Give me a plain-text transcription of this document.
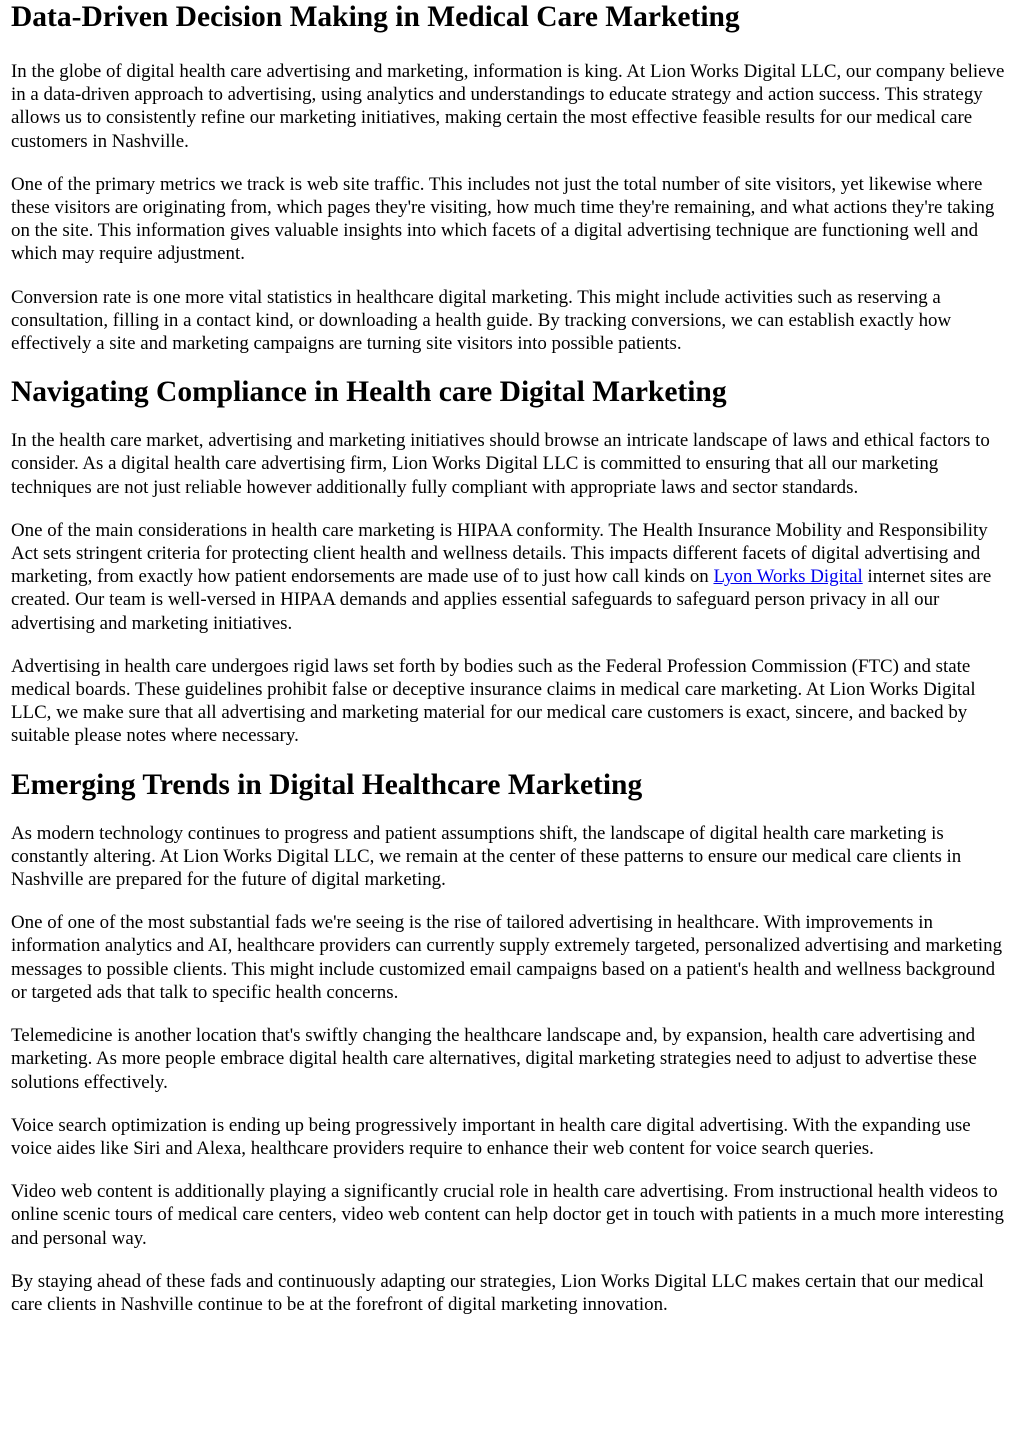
Data-Driven Decision Making in Medical Care Marketing

In the globe of digital health care advertising and marketing, information is king. At Lion Works Digital LLC, our company believe in a data-driven approach to advertising, using analytics and understandings to educate strategy and action success. This strategy allows us to consistently refine our marketing initiatives, making certain the most effective feasible results for our medical care customers in Nashville.

One of the primary metrics we track is web site traffic. This includes not just the total number of site visitors, yet likewise where these visitors are originating from, which pages they're visiting, how much time they're remaining, and what actions they're taking on the site. This information gives valuable insights into which facets of a digital advertising technique are functioning well and which may require adjustment.

Conversion rate is one more vital statistics in healthcare digital marketing. This might include activities such as reserving a consultation, filling in a contact kind, or downloading a health guide. By tracking conversions, we can establish exactly how effectively a site and marketing campaigns are turning site visitors into possible patients.

Navigating Compliance in Health care Digital Marketing

In the health care market, advertising and marketing initiatives should browse an intricate landscape of laws and ethical factors to consider. As a digital health care advertising firm, Lion Works Digital LLC is committed to ensuring that all our marketing techniques are not just reliable however additionally fully compliant with appropriate laws and sector standards.

One of the main considerations in health care marketing is HIPAA conformity. The Health Insurance Mobility and Responsibility Act sets stringent criteria for protecting client health and wellness details. This impacts different facets of digital advertising and marketing, from exactly how patient endorsements are made use of to just how call kinds on Lyon Works Digital internet sites are created. Our team is well-versed in HIPAA demands and applies essential safeguards to safeguard person privacy in all our advertising and marketing initiatives.

Advertising in health care undergoes rigid laws set forth by bodies such as the Federal Profession Commission (FTC) and state medical boards. These guidelines prohibit false or deceptive insurance claims in medical care marketing. At Lion Works Digital LLC, we make sure that all advertising and marketing material for our medical care customers is exact, sincere, and backed by suitable please notes where necessary.

Emerging Trends in Digital Healthcare Marketing

As modern technology continues to progress and patient assumptions shift, the landscape of digital health care marketing is constantly altering. At Lion Works Digital LLC, we remain at the center of these patterns to ensure our medical care clients in Nashville are prepared for the future of digital marketing.

One of one of the most substantial fads we're seeing is the rise of tailored advertising in healthcare. With improvements in information analytics and AI, healthcare providers can currently supply extremely targeted, personalized advertising and marketing messages to possible clients. This might include customized email campaigns based on a patient's health and wellness background or targeted ads that talk to specific health concerns.

Telemedicine is another location that's swiftly changing the healthcare landscape and, by expansion, health care advertising and marketing. As more people embrace digital health care alternatives, digital marketing strategies need to adjust to advertise these solutions effectively.

Voice search optimization is ending up being progressively important in health care digital advertising. With the expanding use voice aides like Siri and Alexa, healthcare providers require to enhance their web content for voice search queries.

Video web content is additionally playing a significantly crucial role in health care advertising. From instructional health videos to online scenic tours of medical care centers, video web content can help doctor get in touch with patients in a much more interesting and personal way.

By staying ahead of these fads and continuously adapting our strategies, Lion Works Digital LLC makes certain that our medical care clients in Nashville continue to be at the forefront of digital marketing innovation.
